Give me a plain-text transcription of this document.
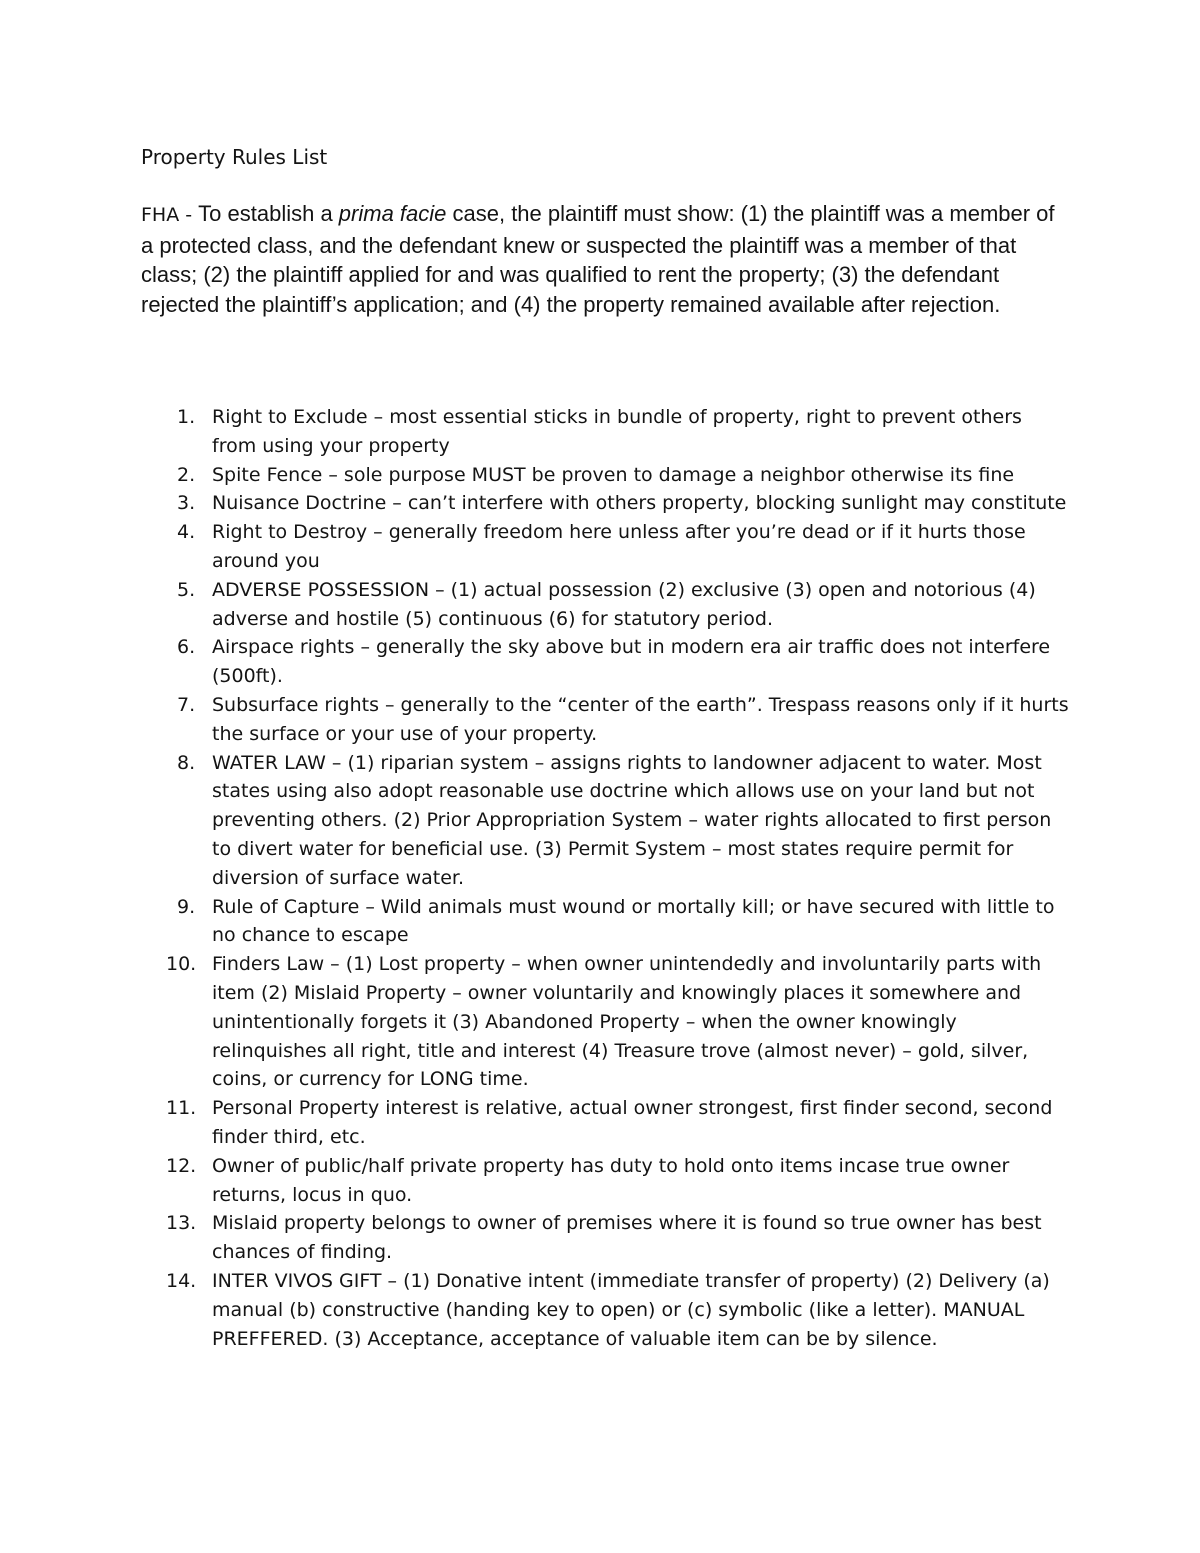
Property Rules List

FHA - To establish a prima facie case, the plaintiff must show: (1) the plaintiff was a member of a protected class, and the defendant knew or suspected the plaintiff was a member of that class; (2) the plaintiff applied for and was qualified to rent the property; (3) the defendant rejected the plaintiff’s application; and (4) the property remained available after rejection.

1. Right to Exclude – most essential sticks in bundle of property, right to prevent others from using your property
2. Spite Fence – sole purpose MUST be proven to damage a neighbor otherwise its fine
3. Nuisance Doctrine – can’t interfere with others property, blocking sunlight may constitute
4. Right to Destroy – generally freedom here unless after you’re dead or if it hurts those around you
5. ADVERSE POSSESSION – (1) actual possession (2) exclusive (3) open and notorious (4) adverse and hostile (5) continuous (6) for statutory period.
6. Airspace rights – generally the sky above but in modern era air traffic does not interfere (500ft).
7. Subsurface rights – generally to the “center of the earth”. Trespass reasons only if it hurts the surface or your use of your property.
8. WATER LAW – (1) riparian system – assigns rights to landowner adjacent to water. Most states using also adopt reasonable use doctrine which allows use on your land but not preventing others. (2) Prior Appropriation System – water rights allocated to first person to divert water for beneficial use. (3) Permit System – most states require permit for diversion of surface water.
9. Rule of Capture – Wild animals must wound or mortally kill; or have secured with little to no chance to escape
10. Finders Law – (1) Lost property – when owner unintendedly and involuntarily parts with item (2) Mislaid Property – owner voluntarily and knowingly places it somewhere and unintentionally forgets it (3) Abandoned Property – when the owner knowingly relinquishes all right, title and interest (4) Treasure trove (almost never) – gold, silver, coins, or currency for LONG time.
11. Personal Property interest is relative, actual owner strongest, first finder second, second finder third, etc.
12. Owner of public/half private property has duty to hold onto items incase true owner returns, locus in quo.
13. Mislaid property belongs to owner of premises where it is found so true owner has best chances of finding.
14. INTER VIVOS GIFT – (1) Donative intent (immediate transfer of property) (2) Delivery (a) manual (b) constructive (handing key to open) or (c) symbolic (like a letter). MANUAL PREFFERED. (3) Acceptance, acceptance of valuable item can be by silence.
